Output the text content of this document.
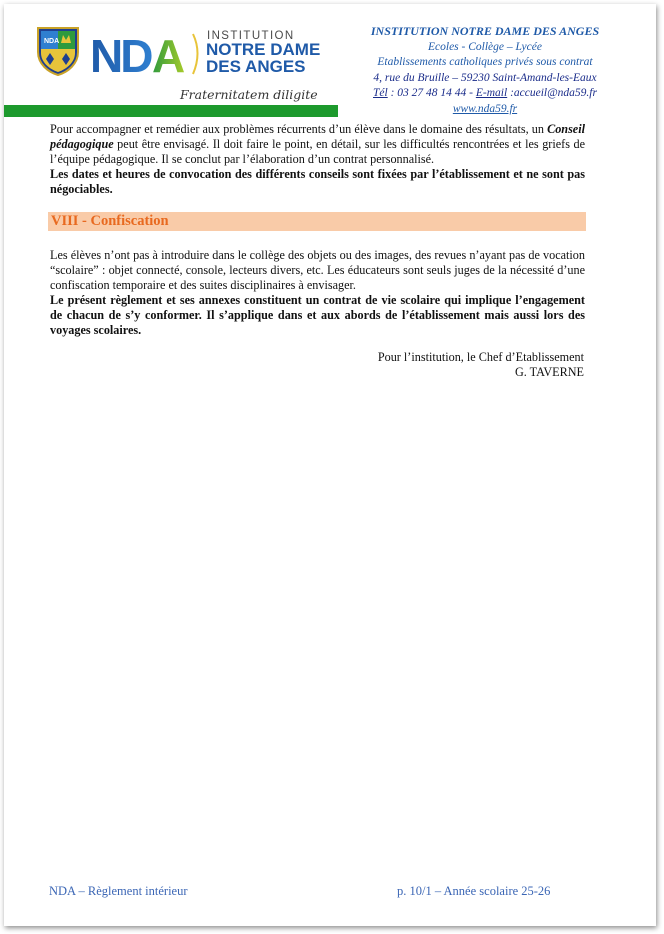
NDA ND A INSTITUTION
NOTRE DAME
DES ANGES
Fraternitatem diligite
INSTITUTION NOTRE DAME DES ANGES
Ecoles - Collège – Lycée
Etablissements catholiques privés sous contrat
4, rue du Bruille – 59230 Saint-Amand-les-Eaux
Tél : 03 27 48 14 44 - E-mail :accueil@nda59.fr
www.nda59.fr

Pour accompagner et remédier aux problèmes récurrents d’un élève dans le domaine des résultats, un Conseil pédagogique peut être envisagé. Il doit faire le point, en détail, sur les difficultés rencontrées et les griefs de l’équipe pédagogique. Il se conclut par l’élaboration d’un contrat personnalisé.

Les dates et heures de convocation des différents conseils sont fixées par l’établissement et ne sont pas négociables.

VIII - Confiscation

Les élèves n’ont pas à introduire dans le collège des objets ou des images, des revues n’ayant pas de vocation “scolaire” : objet connecté, console, lecteurs divers, etc. Les éducateurs sont seuls juges de la nécessité d’une confiscation temporaire et des suites disciplinaires à envisager.

Le présent règlement et ses annexes constituent un contrat de vie scolaire qui implique l’engagement de chacun de s’y conformer. Il s’applique dans et aux abords de l’établissement mais aussi lors des voyages scolaires.

Pour l’institution, le Chef d’Etablissement
G. TAVERNE
NDA – Règlement intérieur	p. 10/1 – Année scolaire 25-26
